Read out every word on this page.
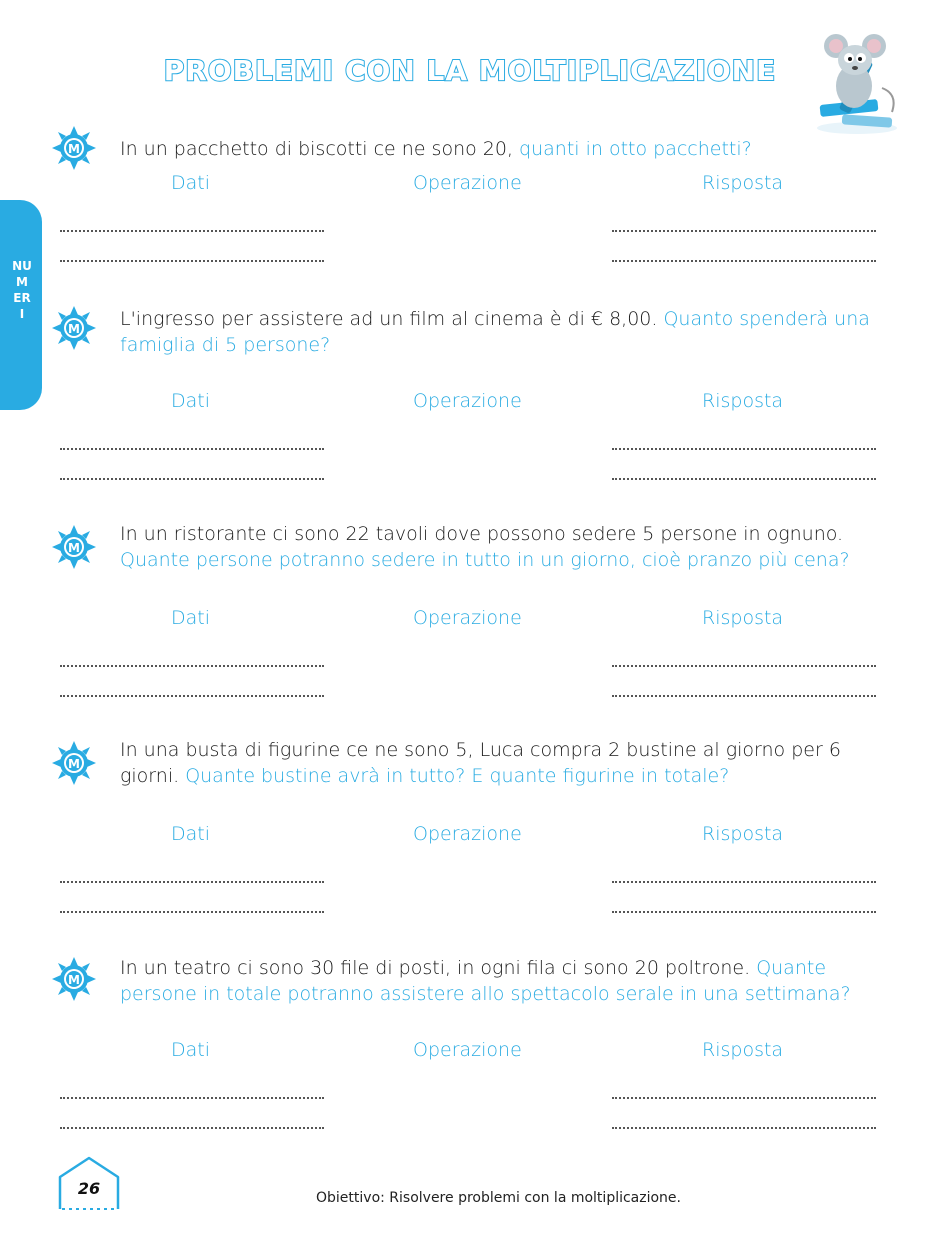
PROBLEMI CON LA MOLTIPLICAZIONE
NUMERI
M In un pacchetto di biscotti ce ne sono 20, quanti in otto pacchetti?
Dati	Operazione	Risposta
M L'ingresso per assistere ad un film al cinema è di € 8,00. Quanto spenderà una famiglia di 5 persone?
Dati	Operazione	Risposta
M
In un ristorante ci sono 22 tavoli dove possono sedere 5 persone in ognuno. Quante persone potranno sedere in tutto in un giorno, cioè pranzo più cena?
Dati	Operazione	Risposta
M
In una busta di figurine ce ne sono 5, Luca compra 2 bustine al giorno per 6 giorni. Quante bustine avrà in tutto? E quante figurine in totale?
Dati	Operazione	Risposta
M
In un teatro ci sono 30 file di posti, in ogni fila ci sono 20 poltrone. Quante persone in totale potranno assistere allo spettacolo serale in una settimana?
Dati	Operazione	Risposta
26	Obiettivo: Risolvere problemi con la moltiplicazione.
